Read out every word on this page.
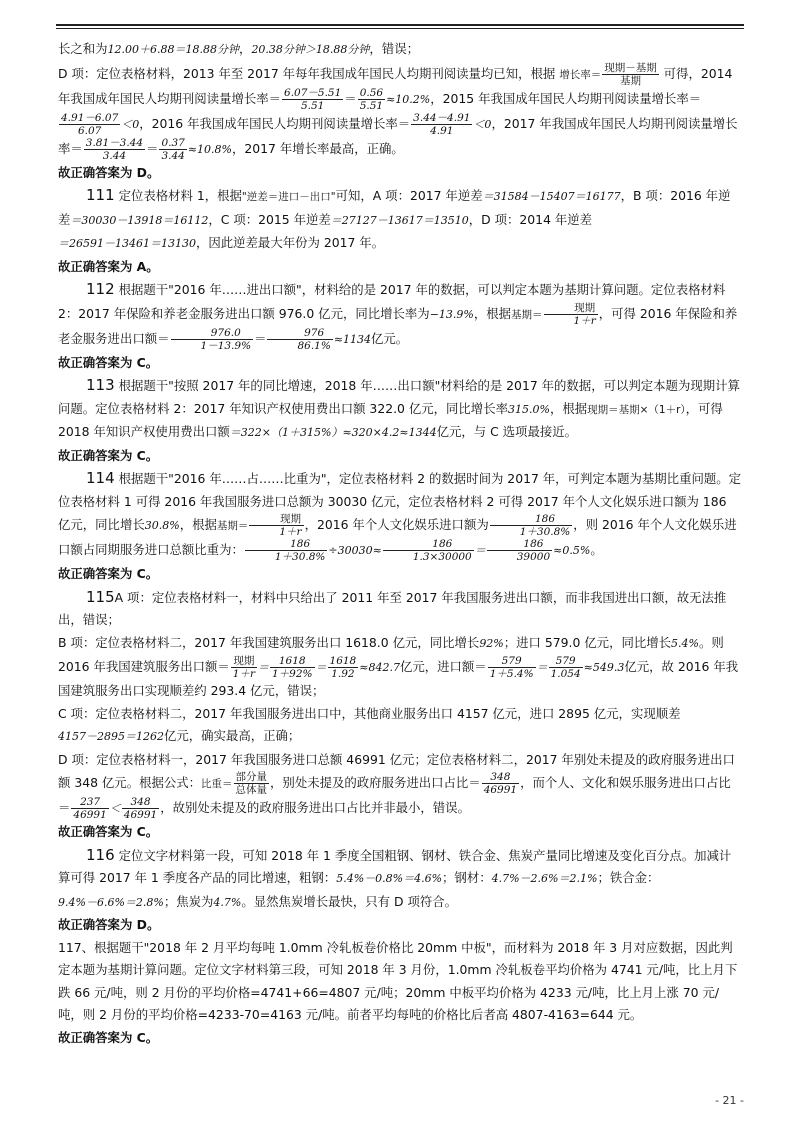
长之和为12.00＋6.88＝18.88分钟，20.38分钟＞18.88分钟，错误；

D 项：定位表格材料，2013 年至 2017 年每年我国成年国民人均期刊阅读量均已知，根据 增长率＝ $\frac{\text{现期－基期}}{\text{基期}}$ 可得，2014 年我国成年国民人均期刊阅读量增长率＝ $\frac{6.07-5.51}{5.51} = \frac{0.56}{5.51} \approx 10.2\%$，2015 年我国成年国民人均期刊阅读量增长率＝
$\frac{4.91-6.07}{6.07} <0$，2016 年我国成年国民人均期刊阅读量增长率＝ $\frac{3.44-4.91}{4.91} <0$，2017 年我国成年国民人均期刊阅读量增长率＝ $\frac{3.81-3.44}{3.44} = \frac{0.37}{3.44} \approx 10.8\%$，2017 年增长率最高，正确。

故正确答案为 D。

111 定位表格材料 1，根据"逆差＝进口－出口"可知，A 项：2017 年逆差＝31584－15407＝16177，B 项：2016 年逆差＝30030－13918＝16112，C 项：2015 年逆差＝27127－13617＝13510，D 项：2014 年逆差＝26591－13461＝13130，因此逆差最大年份为 2017 年。

故正确答案为 A。

112 根据题干"2016 年……进出口额"，材料给的是 2017 年的数据，可以判定本题为基期计算问题。定位表格材料 2：2017 年保险和养老金服务进出口额 976.0 亿元，同比增长率为−13.9%，根据基期＝ $\frac{\text{现期}}{1+r}$ ，可得 2016 年保险和养老金服务进出口额＝ $\frac{976.0}{1-13.9\%} = \frac{976}{86.1\%} \approx 1134$亿元。

故正确答案为 C。

113 根据题干"按照 2017 年的同比增速，2018 年……出口额"材料给的是 2017 年的数据，可以判定本题为现期计算问题。定位表格材料 2：2017 年知识产权使用费出口额 322.0 亿元，同比增长率315.0%，根据现期＝基期×（1＋r），可得 2018 年知识产权使用费出口额＝322×（1＋315%）≈320×4.2≈1344亿元，与 C 选项最接近。

故正确答案为 C。

114 根据题干"2016 年……占……比重为"，定位表格材料 2 的数据时间为 2017 年，可判定本题为基期比重问题。定位表格材料 1 可得 2016 年我国服务进口总额为 30030 亿元，定位表格材料 2 可得 2017 年个人文化娱乐进口额为 186 亿元，同比增长30.8%，根据基期＝ $\frac{\text{现期}}{1+r}$ ，2016 年个人文化娱乐进口额为 $\frac{186}{1+30.8\%}$ ，则 2016 年个人文化娱乐进口额占同期服务进口总额比重为： $\frac{186}{1+30.8\%} \div 30030\approx \frac{186}{1.3\times 30000} = \frac{186}{39000} \approx 0.5\%$。

故正确答案为 C。

115A 项：定位表格材料一，材料中只给出了 2011 年至 2017 年我国服务进出口额，而非我国进出口额，故无法推出，错误；

B 项：定位表格材料二，2017 年我国建筑服务出口 1618.0 亿元，同比增长92%；进口 579.0 亿元，同比增长5.4%。则 2016 年我国建筑服务出口额＝ $\frac{\text{现期}}{1+r} = \frac{1618}{1+92\%} = \frac{1618}{1.92} \approx 842.7$亿元，进口额＝ $\frac{579}{1+5.4\%} = \frac{579}{1.054} \approx 549.3$亿元，故 2016 年我国建筑服务出口实现顺差约 293.4 亿元，错误；

C 项：定位表格材料二，2017 年我国服务进出口中，其他商业服务出口 4157 亿元，进口 2895 亿元，实现顺差4157－2895＝1262亿元，确实最高，正确；

D 项：定位表格材料一，2017 年我国服务进口总额 46991 亿元；定位表格材料二，2017 年别处未提及的政府服务进出口额 348 亿元。根据公式：比重＝ $\frac{\text{部分量}}{\text{总体量}}$ ，别处未提及的政府服务进出口占比＝ $\frac{348}{46991}$ ，而个人、文化和娱乐服务进出口占比＝ $\frac{237}{46991} < \frac{348}{46991}$ ，故别处未提及的政府服务进出口占比并非最小，错误。

故正确答案为 C。

116 定位文字材料第一段，可知 2018 年 1 季度全国粗钢、钢材、铁合金、焦炭产量同比增速及变化百分点。加减计算可得 2017 年 1 季度各产品的同比增速，粗钢：5.4%－0.8%＝4.6%；钢材：4.7%－2.6%＝2.1%；铁合金：9.4%－6.6%＝2.8%；焦炭为4.7%。显然焦炭增长最快，只有 D 项符合。

故正确答案为 D。

117、根据题干"2018 年 2 月平均每吨 1.0mm 冷轧板卷价格比 20mm 中板"，而材料为 2018 年 3 月对应数据，因此判定本题为基期计算问题。定位文字材料第三段，可知 2018 年 3 月份，1.0mm 冷轧板卷平均价格为 4741 元/吨，比上月下跌 66 元/吨，则 2 月份的平均价格=4741+66=4807 元/吨；20mm 中板平均价格为 4233 元/吨，比上月上涨 70 元/吨，则 2 月份的平均价格=4233-70=4163 元/吨。前者平均每吨的价格比后者高 4807-4163=644 元。

故正确答案为 C。

- 21 -
